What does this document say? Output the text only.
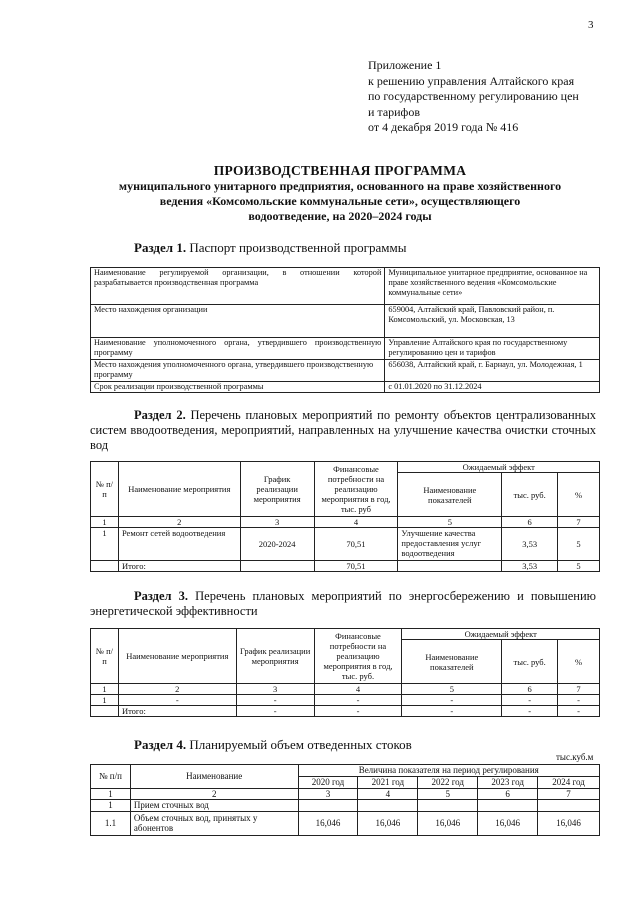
3
Приложение 1
к решению управления Алтайского края
по государственному регулированию цен
и тарифов
от 4 декабря 2019 года № 416
ПРОИЗВОДСТВЕННАЯ ПРОГРАММА
муниципального унитарного предприятия, основанного на праве хозяйственного
ведения «Комсомольские коммунальные сети», осуществляющего
водоотведение, на 2020–2024 годы
Раздел 1. Паспорт производственной программы
Наименование регулируемой организации, в отношении которой разрабатывается производственная программа	Муниципальное унитарное предприятие, основанное на праве хозяйственного ведения «Комсомольские коммунальные сети»
Место нахождения организации	659004, Алтайский край, Павловский район, п. Комсомольский, ул. Московская, 13
Наименование уполномоченного органа, утвердившего производственную программу	Управление Алтайского края по государственному регулированию цен и тарифов
Место нахождения уполномоченного органа, утвердившего производственную программу	656038, Алтайский край, г. Барнаул, ул. Молодежная, 1
Срок реализации производственной программы	с 01.01.2020 по 31.12.2024
Раздел 2. Перечень плановых мероприятий по ремонту объектов централизованных систем вводоотведения, мероприятий, направленных на улучшение качества очистки сточных вод
№ п/п	Наименование мероприятия	График реализации мероприятия	Финансовые потребности на реализацию мероприятия в год, тыс. руб	Ожидаемый эффект		
				Наименование показателей	тыс. руб.	%
1	2	3	4	5	6	7
1	Ремонт сетей водоотведения	2020-2024	70,51	Улучшение качества предоставления услуг водоотведения	3,53	5
	Итого:		70,51		3,53	5
Раздел 3. Перечень плановых мероприятий по энергосбережению и повышению энергетической эффективности
№ п/п	Наименование мероприятия	График реализации мероприятия	Финансовые потребности на реализацию мероприятия в год, тыс. руб.	Ожидаемый эффект		
				Наименование показателей	тыс. руб.	%
1	2	3	4	5	6	7
1	-	-	-	-	-	-
	Итого:	-	-	-	-	-
Раздел 4. Планируемый объем отведенных стоков
тыс.куб.м
№ п/п	Наименование	Величина показателя на период регулирования				
		2020 год	2021 год	2022 год	2023 год	2024 год
1	2	3	4	5	6	7
1	Прием сточных вод					
1.1	Объем сточных вод, принятых у абонентов	16,046	16,046	16,046	16,046	16,046
